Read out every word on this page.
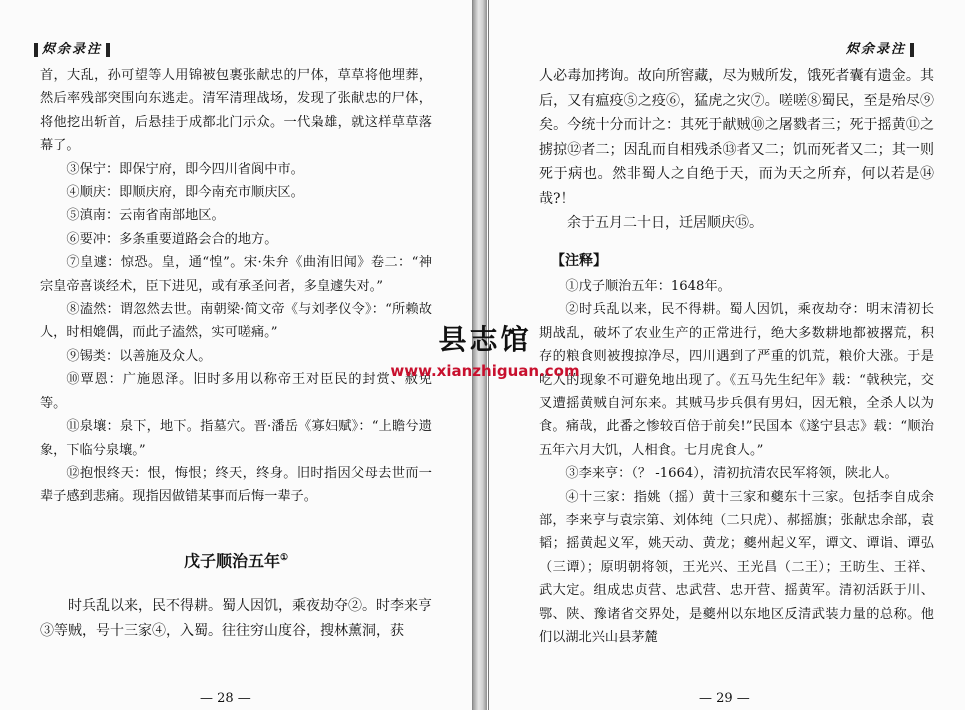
烬余录注

首，大乱，孙可望等人用锦被包裹张献忠的尸体，草草将他埋葬，然后率残部突围向东逃走。清军清理战场，发现了张献忠的尸体，将他挖出斩首，后悬挂于成都北门示众。一代枭雄，就这样草草落幕了。

③保宁：即保宁府，即今四川省阆中市。

④顺庆：即顺庆府，即今南充市顺庆区。

⑤滇南：云南省南部地区。

⑥要冲：多条重要道路会合的地方。

⑦皇遽：惊恐。皇，通“惶”。宋·朱弁《曲洧旧闻》卷二：“神宗皇帝喜谈经术，臣下进见，或有承圣问者，多皇遽失对。”

⑧溘然：谓忽然去世。南朝梁·简文帝《与刘孝仪令》：“所赖故人，时相媲偶，而此子溘然，实可嗟痛。”

⑨锡类：以善施及众人。

⑩覃恩：广施恩泽。旧时多用以称帝王对臣民的封赏、赦免等。

⑪泉壤：泉下，地下。指墓穴。晋·潘岳《寡妇赋》：“上瞻兮遗象，下临兮泉壤。”

⑫抱恨终天：恨，悔恨；终天，终身。旧时指因父母去世而一辈子感到悲痛。现指因做错某事而后悔一辈子。

戊子顺治五年①

时兵乱以来，民不得耕。蜀人因饥，乘夜劫夺②。时李来亨③等贼，号十三家④，入蜀。往往穷山度谷，搜林薰洞，获

— 28 —
烬余录注

人必毒加拷询。故向所窖藏，尽为贼所发，饿死者囊有遗金。其后，又有瘟疫⑤之疫⑥，猛虎之灾⑦。嗟嗟⑧蜀民，至是殆尽⑨矣。今统十分而计之：其死于献贼⑩之屠戮者三；死于摇黄⑪之掳掠⑫者二；因乱而自相残杀⑬者又二；饥而死者又二；其一则死于病也。然非蜀人之自绝于天，而为天之所弃，何以若是⑭哉?！

余于五月二十日，迁居顺庆⑮。

【注释】

①戊子顺治五年：1648年。

②时兵乱以来，民不得耕。蜀人因饥，乘夜劫夺：明末清初长期战乱，破坏了农业生产的正常进行，绝大多数耕地都被撂荒，积存的粮食则被搜掠净尽，四川遇到了严重的饥荒，粮价大涨。于是吃人的现象不可避免地出现了。《五马先生纪年》载：“戟秧完，交叉遭摇黄贼自河东来。其贼马步兵俱有男妇，因无粮，全杀人以为食。痛哉，此番之惨较百倍于前矣!”民国本《遂宁县志》载：“顺治五年六月大饥，人相食。七月虎食人。”

③李来亨：（？ -1664），清初抗清农民军将领，陕北人。

④十三家：指姚（摇）黄十三家和夔东十三家。包括李自成余部，李来亨与袁宗第、刘体纯（二只虎）、郝摇旗；张献忠余部，袁韬；摇黄起义军，姚天动、黄龙；夔州起义军，谭文、谭诣、谭弘（三谭）；原明朝将领，王光兴、王光昌（二王）；王昉生、王祥、武大定。组成忠贞营、忠武营、忠开营、摇黄军。清初活跃于川、鄂、陕、豫诸省交界处，是夔州以东地区反清武装力量的总称。他们以湖北兴山县茅麓

— 29 —
县志馆
www.xianzhiguan.com
